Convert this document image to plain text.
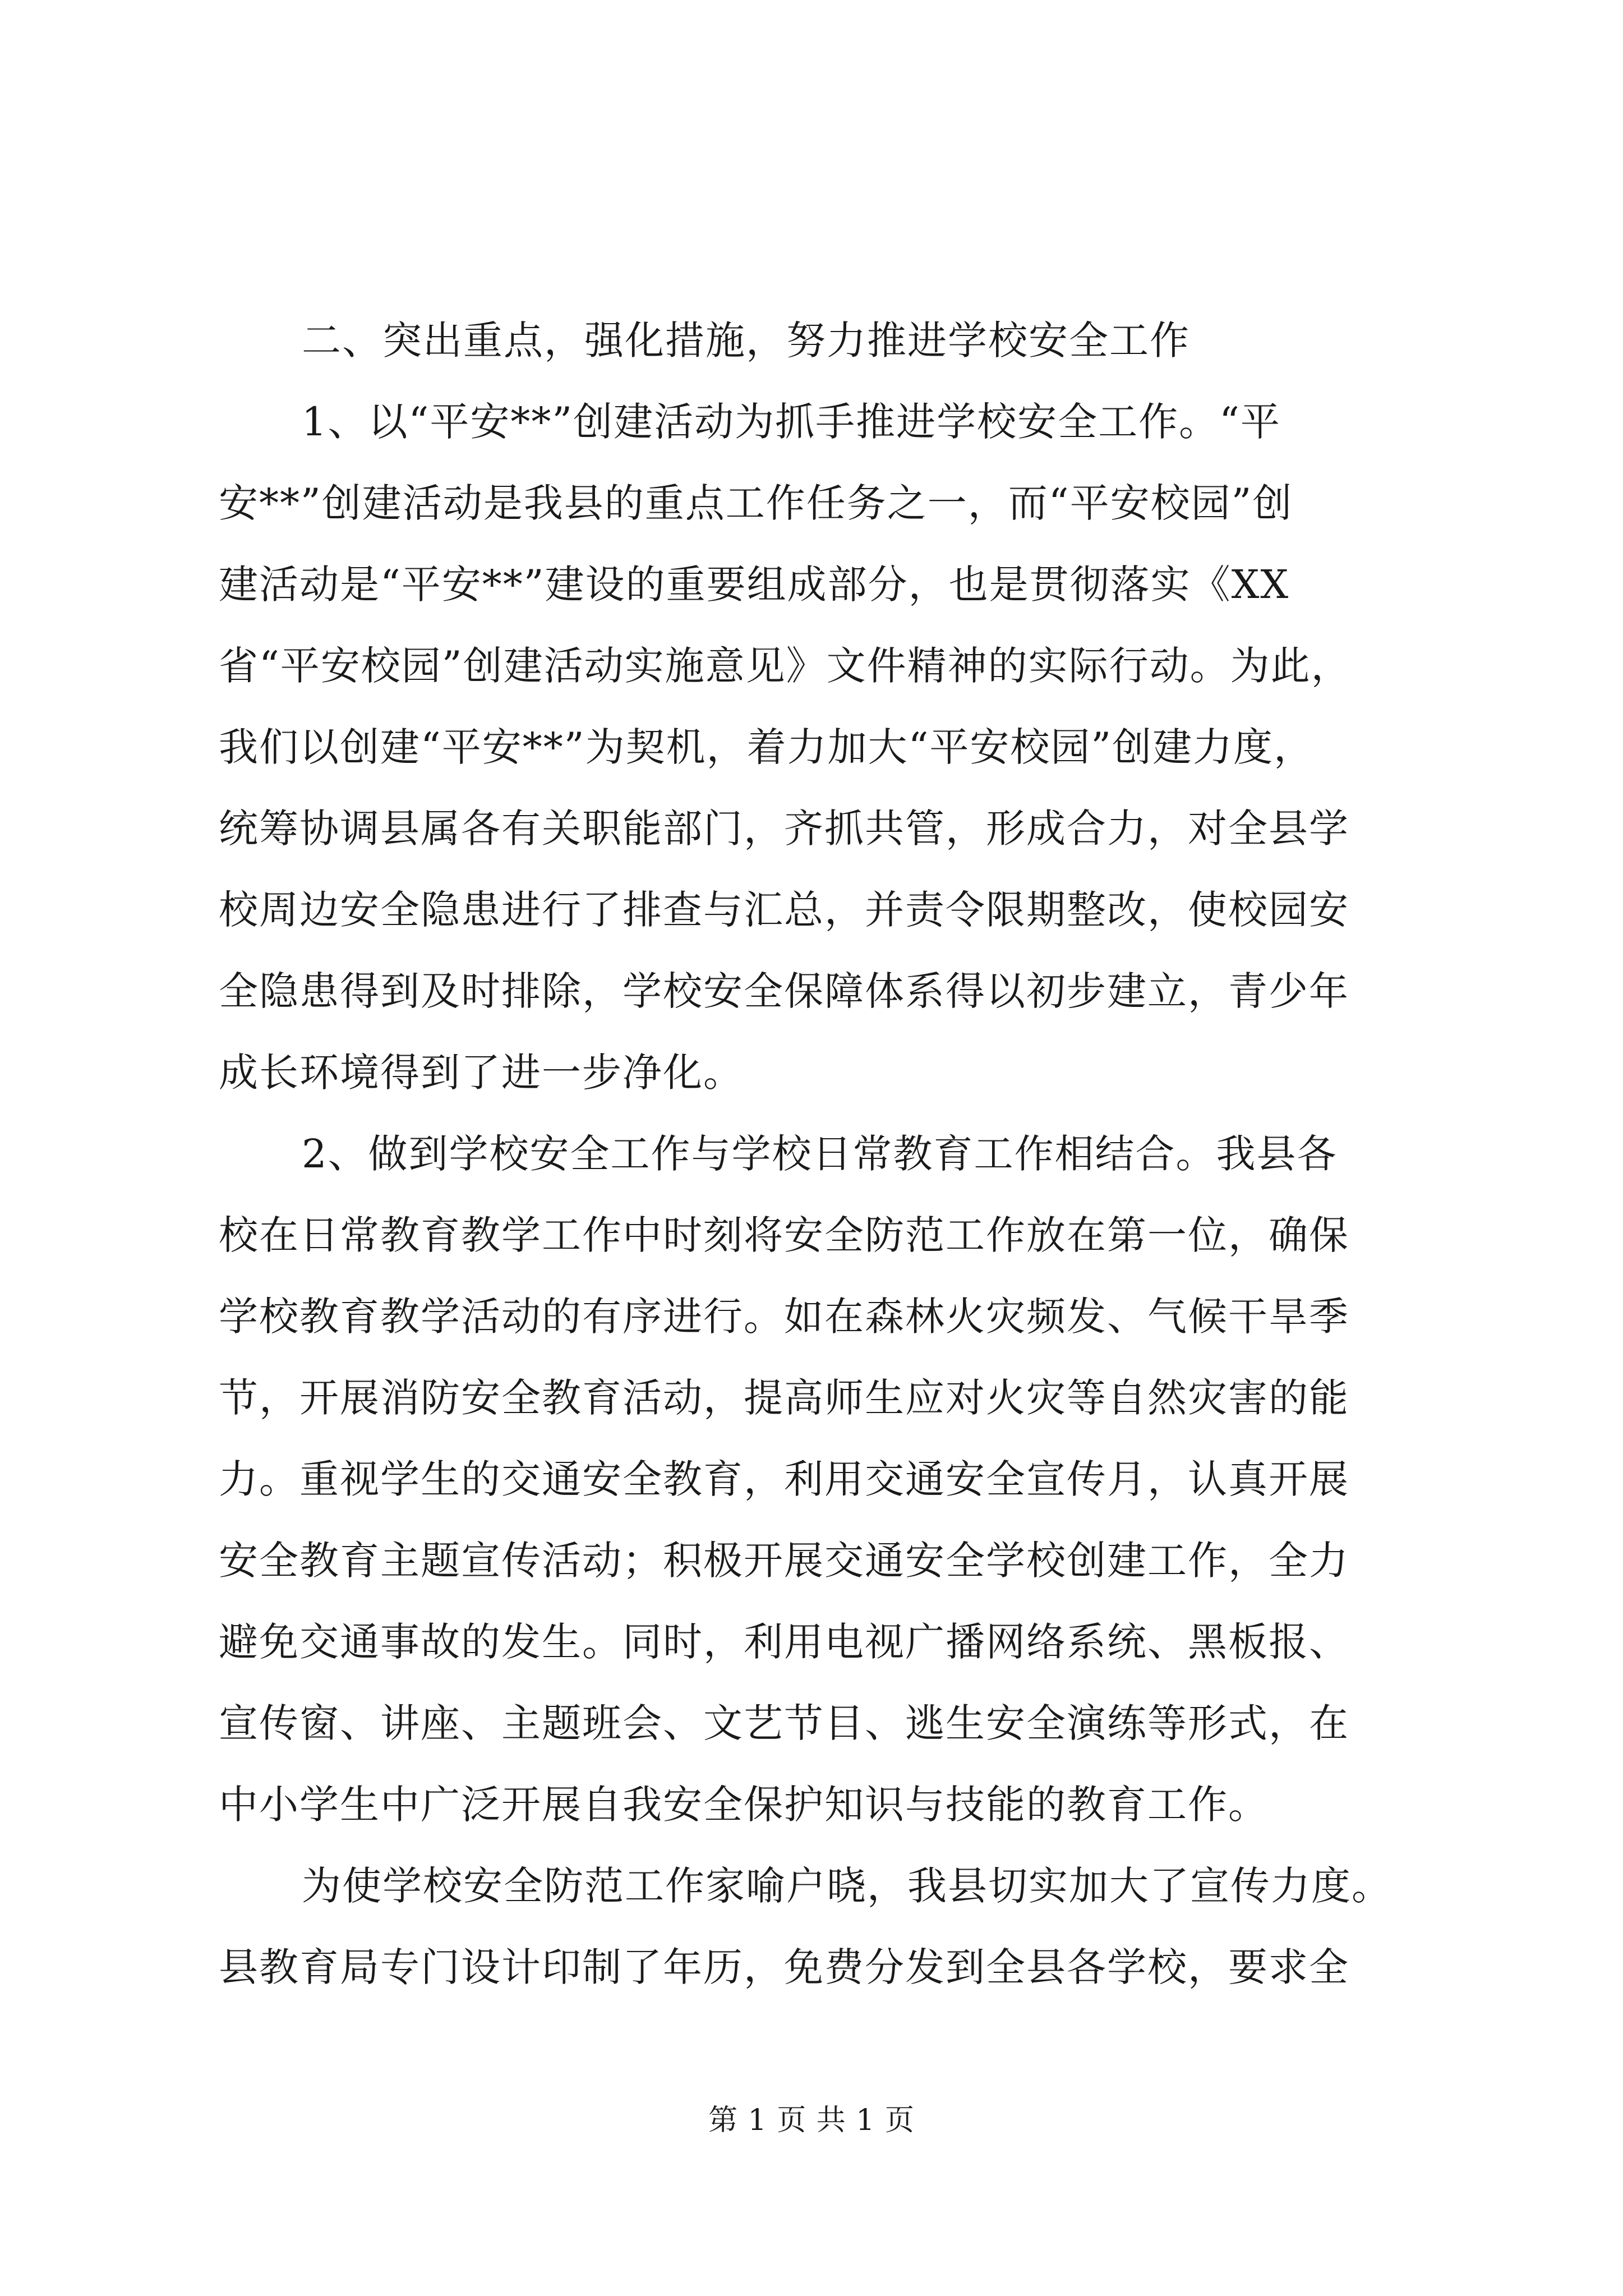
二、突出重点，强化措施，努力推进学校安全工作

1、以“平安**”创建活动为抓手推进学校安全工作。“平

安**”创建活动是我县的重点工作任务之一，而“平安校园”创

建活动是“平安**”建设的重要组成部分，也是贯彻落实《XX

省“平安校园”创建活动实施意见》文件精神的实际行动。为此，

我们以创建“平安**”为契机，着力加大“平安校园”创建力度，

统筹协调县属各有关职能部门，齐抓共管，形成合力，对全县学

校周边安全隐患进行了排查与汇总，并责令限期整改，使校园安

全隐患得到及时排除，学校安全保障体系得以初步建立，青少年

成长环境得到了进一步净化。

2、做到学校安全工作与学校日常教育工作相结合。我县各

校在日常教育教学工作中时刻将安全防范工作放在第一位，确保

学校教育教学活动的有序进行。如在森林火灾频发、气候干旱季

节，开展消防安全教育活动，提高师生应对火灾等自然灾害的能

力。重视学生的交通安全教育，利用交通安全宣传月，认真开展

安全教育主题宣传活动；积极开展交通安全学校创建工作，全力

避免交通事故的发生。同时，利用电视广播网络系统、黑板报、

宣传窗、讲座、主题班会、文艺节目、逃生安全演练等形式，在

中小学生中广泛开展自我安全保护知识与技能的教育工作。

为使学校安全防范工作家喻户晓，我县切实加大了宣传力度。

县教育局专门设计印制了年历，免费分发到全县各学校，要求全

第 1 页 共 1 页
